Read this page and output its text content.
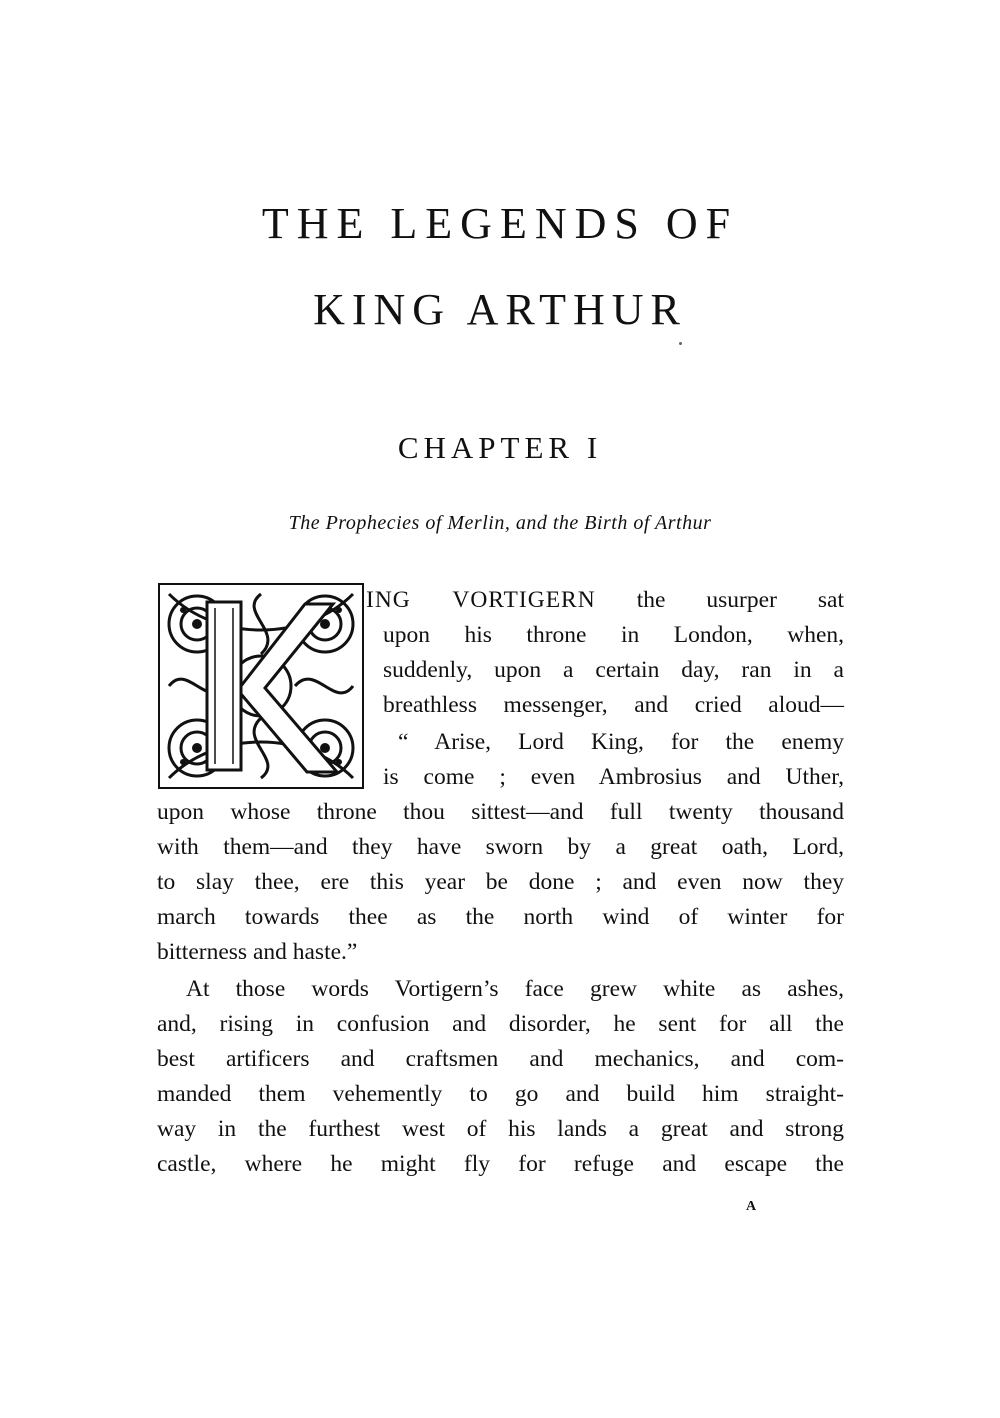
THE LEGENDS OF
KING ARTHUR
CHAPTER I

The Prophecies of Merlin, and the Birth of Arthur

ING VORTIGERN the usurper sat

upon his throne in London, when,

suddenly, upon a certain day, ran in a

breathless messenger, and cried aloud—

“ Arise, Lord King, for the enemy

is come ; even Ambrosius and Uther,

upon whose throne thou sittest—and full twenty thousand

with them—and they have sworn by a great oath, Lord,

to slay thee, ere this year be done ; and even now they

march towards thee as the north wind of winter for

bitterness and haste.”

At those words Vortigern’s face grew white as ashes,

and, rising in confusion and disorder, he sent for all the

best artificers and craftsmen and mechanics, and com-

manded them vehemently to go and build him straight-

way in the furthest west of his lands a great and strong

castle, where he might fly for refuge and escape the

A
